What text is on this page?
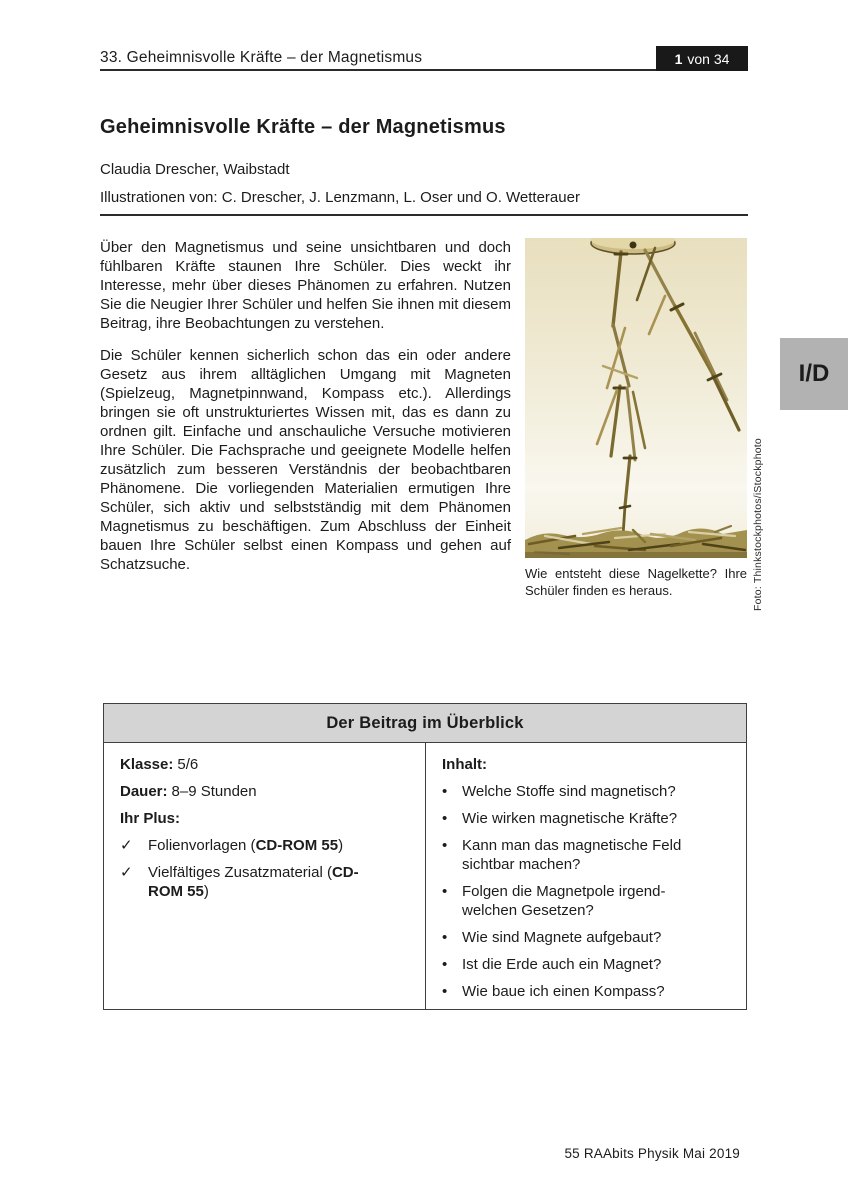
33. Geheimnisvolle Kräfte – der Magnetismus	1 von 34
Geheimnisvolle Kräfte – der Magnetismus
Claudia Drescher, Waibstadt
Illustrationen von: C. Drescher, J. Lenzmann, L. Oser und O. Wetterauer

Über den Magnetismus und seine unsichtbaren und doch fühlbaren Kräfte staunen Ihre Schüler. Dies weckt ihr Interesse, mehr über dieses Phänomen zu erfahren. Nutzen Sie die Neugier Ihrer Schüler und helfen Sie ihnen mit diesem Beitrag, ihre Beobachtungen zu verstehen.

Die Schüler kennen sicherlich schon das ein oder andere Gesetz aus ihrem alltäglichen Umgang mit Magneten (Spielzeug, Magnetpinnwand, Kompass etc.). Allerdings bringen sie oft unstrukturiertes Wissen mit, das es dann zu ordnen gilt. Einfache und anschauliche Versuche motivieren Ihre Schüler. Die Fachsprache und geeignete Modelle helfen zusätzlich zum besseren Verständnis der beobachtbaren Phänomene. Die vorliegenden Materialien ermutigen Ihre Schüler, sich aktiv und selbstständig mit dem Phänomen Magnetismus zu beschäftigen. Zum Abschluss der Einheit bauen Ihre Schüler selbst einen Kompass und gehen auf Schatzsuche.

Wie entsteht diese Nagelkette? Ihre Schüler finden es heraus.	Foto: Thinkstockphotos/iStockphoto
I/D
Der Beitrag im Überblick
Klasse: 5/6
Dauer: 8–9 Stunden
Ihr Plus:
✓	Folienvorlagen (CD-ROM 55)
✓	Vielfältiges Zusatzmaterial (CD-ROM 55)
Inhalt:
• Welche Stoffe sind magnetisch?
• Wie wirken magnetische Kräfte?
• Kann man das magnetische Feld sichtbar machen?
• Folgen die Magnetpole irgendwelchen Gesetzen?
• Wie sind Magnete aufgebaut?
• Ist die Erde auch ein Magnet?
• Wie baue ich einen Kompass?
55 RAAbits Physik Mai 2019
